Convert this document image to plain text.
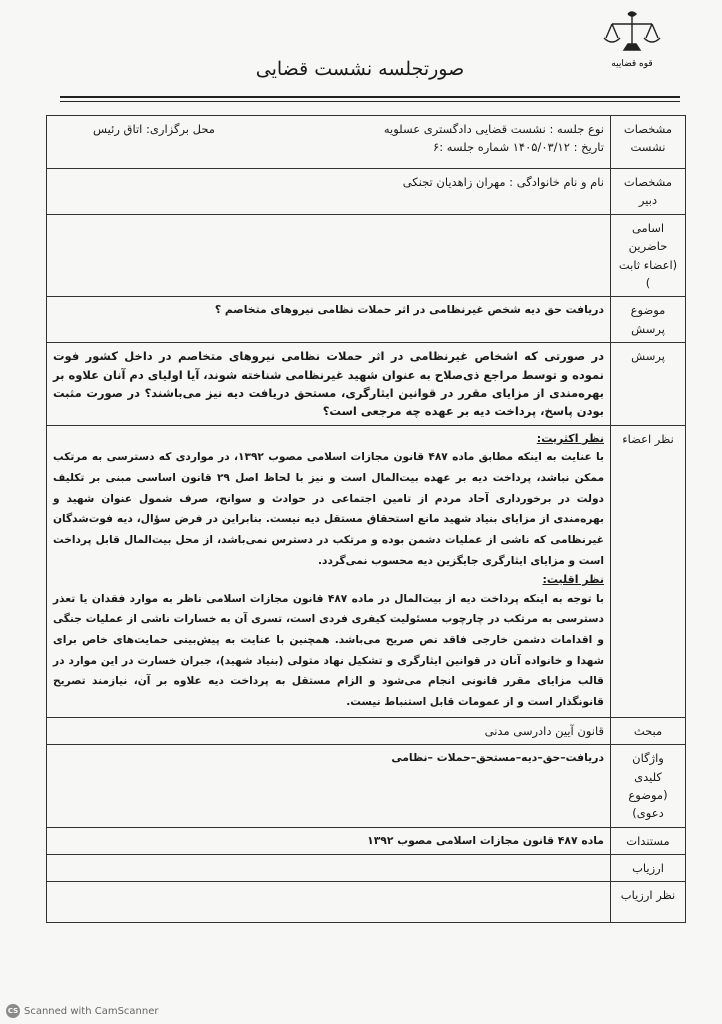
قوه قضاییه
صورتجلسه نشست قضایی
مشخصات نشست	نوع جلسه : نشست قضایی دادگستری عسلویه
محل برگزاری: اتاق رئیس
تاریخ : ۱۴۰۵/۰۳/۱۲ شماره جلسه :۶

مشخصات دبیر	نام و نام خانوادگی : مهران زاهدیان تجنکی
اسامی حاضرین (اعضاء ثابت )	
موضوع پرسش	دریافت حق دیه شخص غیرنظامی در اثر حملات نظامی نیروهای متخاصم ؟
پرسش	در صورتی که اشخاص غیرنظامی در اثر حملات نظامی نیروهای متخاصم در داخل کشور فوت نموده و توسط مراجع ذی‌صلاح به عنوان شهید غیرنظامی شناخته شوند، آیا اولیای دم آنان علاوه بر بهره‌مندی از مزایای مقرر در قوانین ایثارگری، مستحق دریافت دیه نیز می‌باشند؟ در صورت مثبت بودن پاسخ، پرداخت دیه بر عهده چه مرجعی است؟
نظر اعضاء	نظر اکثریت:
با عنایت به اینکه مطابق ماده ۴۸۷ قانون مجازات اسلامی مصوب ۱۳۹۲، در مواردی که دسترسی به مرتکب ممکن نباشد، پرداخت دیه بر عهده بیت‌المال است و نیز با لحاظ اصل ۲۹ قانون اساسی مبنی بر تکلیف دولت در برخورداری آحاد مردم از تامین اجتماعی در حوادث و سوانح، صرف شمول عنوان شهید و بهره‌مندی از مزایای بنیاد شهید مانع استحقاق مستقل دیه نیست. بنابراین در فرض سؤال، دیه فوت‌شدگان غیرنظامی که ناشی از عملیات دشمن بوده و مرتکب در دسترس نمی‌باشد، از محل بیت‌المال قابل پرداخت است و مزایای ایثارگری جایگزین دیه محسوب نمی‌گردد.
نظر اقلیت:
با توجه به اینکه پرداخت دیه از بیت‌المال در ماده ۴۸۷ قانون مجازات اسلامی ناظر به موارد فقدان یا تعذر دسترسی به مرتکب در چارچوب مسئولیت کیفری فردی است، تسری آن به خسارات ناشی از عملیات جنگی و اقدامات دشمن خارجی فاقد نص صریح می‌باشد. همچنین با عنایت به پیش‌بینی حمایت‌های خاص برای شهدا و خانواده آنان در قوانین ایثارگری و تشکیل نهاد متولی (بنیاد شهید)، جبران خسارت در این موارد در قالب مزایای مقرر قانونی انجام می‌شود و الزام مستقل به پرداخت دیه علاوه بر آن، نیازمند تصریح قانونگذار است و از عمومات قابل استنباط نیست.

مبحث	قانون آیین دادرسی مدنی
واژگان کلیدی (موضوع دعوی)	دریافت–حق–دیه–مستحق–حملات –نظامی
مستندات	ماده ۴۸۷ قانون مجازات اسلامی مصوب ۱۳۹۲
ارزیاب	
نظر ارزیاب	
CS Scanned with CamScanner
